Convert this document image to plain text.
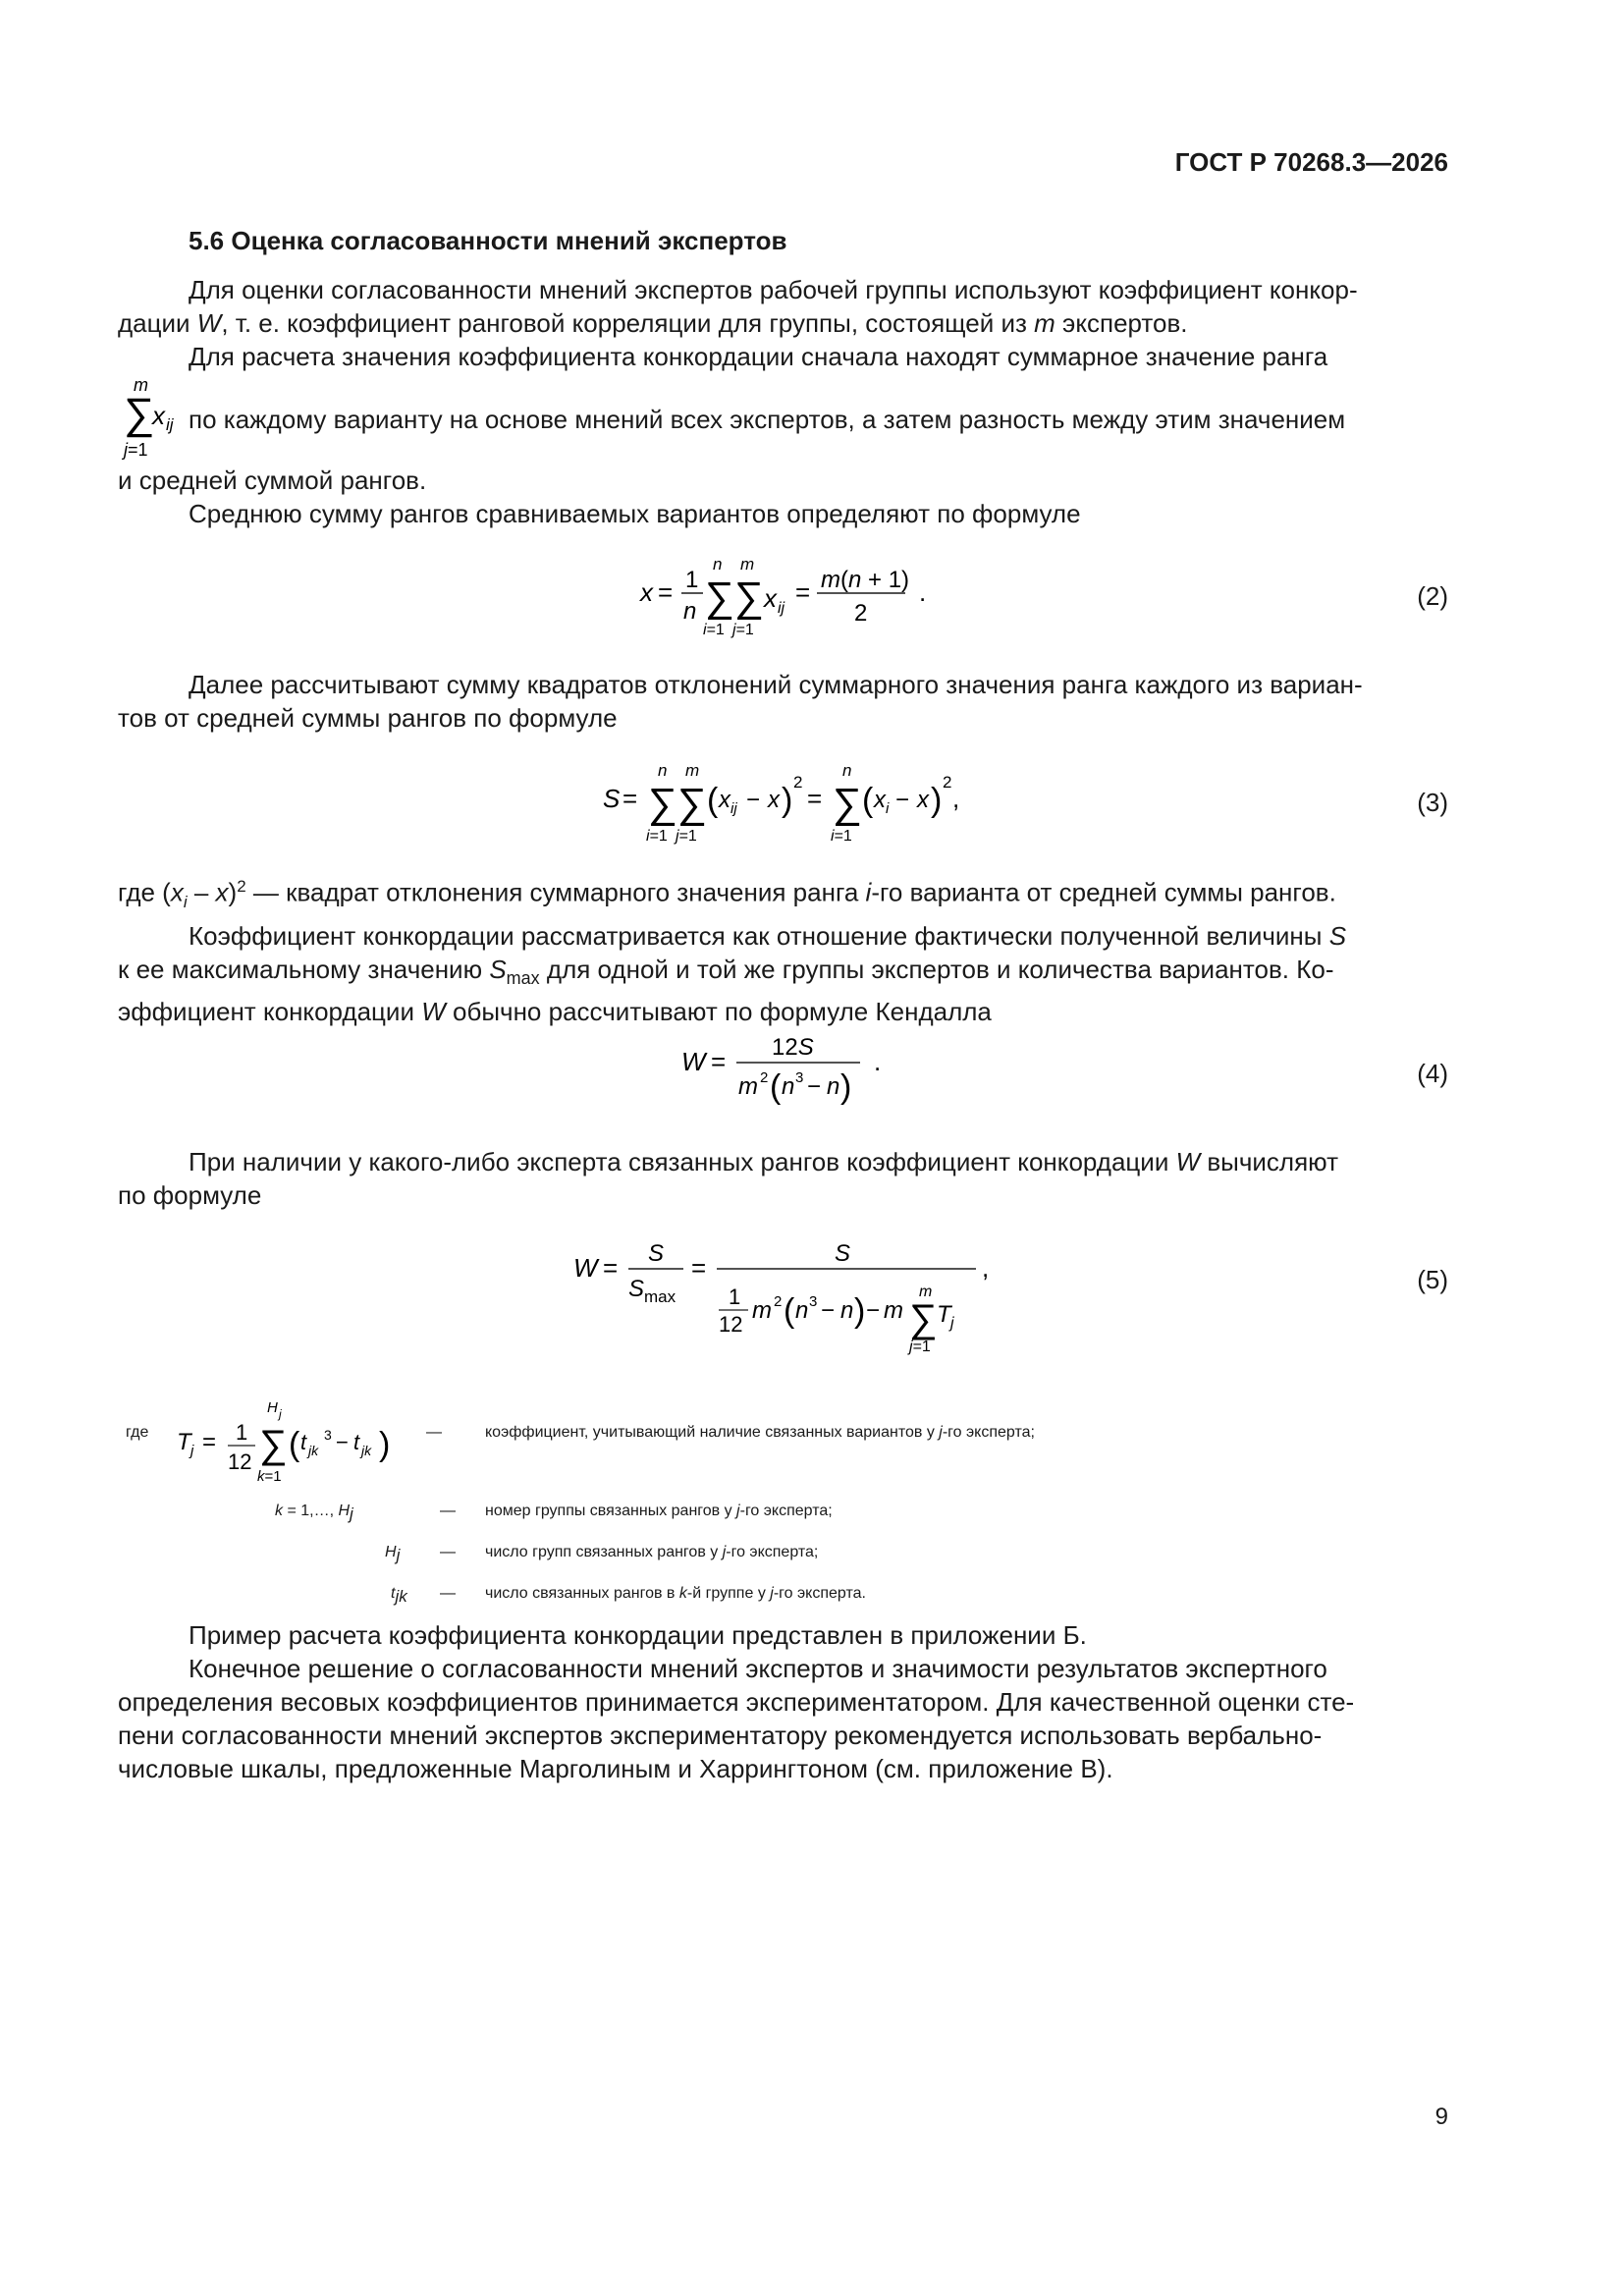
ГОСТ Р 70268.3—2026
5.6 Оценка согласованности мнений экспертов

Для оценки согласованности мнений экспертов рабочей группы используют коэффициент конкор-

дации W, т. е. коэффициент ранговой корреляции для группы, состоящей из m экспертов.

Для расчета значения коэффициента конкордации сначала находят суммарное значение ранга

m
∑
x ij
j=1

по каждому варианту на основе мнений всех экспертов, а затем разность между этим значением

и средней суммой рангов.

Среднюю сумму рангов сравниваемых вариантов определяют по формуле

x = 1
n
n
∑
i=1
m
∑
j=1
x ij
= m(n + 1)
2
.	(2)

Далее рассчитывают сумму квадратов отклонений суммарного значения ранга каждого из вариан-

тов от средней суммы рангов по формуле

S =
n
∑
i=1
m
∑
j=1
( x ij − x ) 2
=
n
∑
i=1
( x i − x ) 2
,	(3)

где $(x_i - x)^2$ — квадрат отклонения суммарного значения ранга i-го варианта от средней суммы рангов.

Коэффициент конкордации рассматривается как отношение фактически полученной величины S

к ее максимальному значению $S_{max}$ для одной и той же группы экспертов и количества вариантов. Ко-

эффициент конкордации W обычно рассчитывают по формуле Кендалла

W = 12S
m 2 ( n 3 − n )
.	(4)

При наличии у какого-либо эксперта связанных рангов коэффициент конкордации W вычисляют

по формуле

W = S
S max
=	S
1
12
m 2 ( n 3 − n ) − m
m
∑
j=1
T j
,	(5)
где T j = 1
12
H j
∑
k=1
( t jk
3 − t jk ) —	коэффициент, учитывающий наличие связанных вариантов у j-го эксперта;
k = 1,…, $H_j$	— номер группы связанных рангов у j-го эксперта;
$H_j$	— число групп связанных рангов у j-го эксперта;
$t_{jk}$ — число связанных рангов в k-й группе у j-го эксперта.

Пример расчета коэффициента конкордации представлен в приложении Б.

Конечное решение о согласованности мнений экспертов и значимости результатов экспертного

определения весовых коэффициентов принимается экспериментатором. Для качественной оценки сте-

пени согласованности мнений экспертов экспериментатору рекомендуется использовать вербально-

числовые шкалы, предложенные Марголиным и Харрингтоном (см. приложение В).

9
